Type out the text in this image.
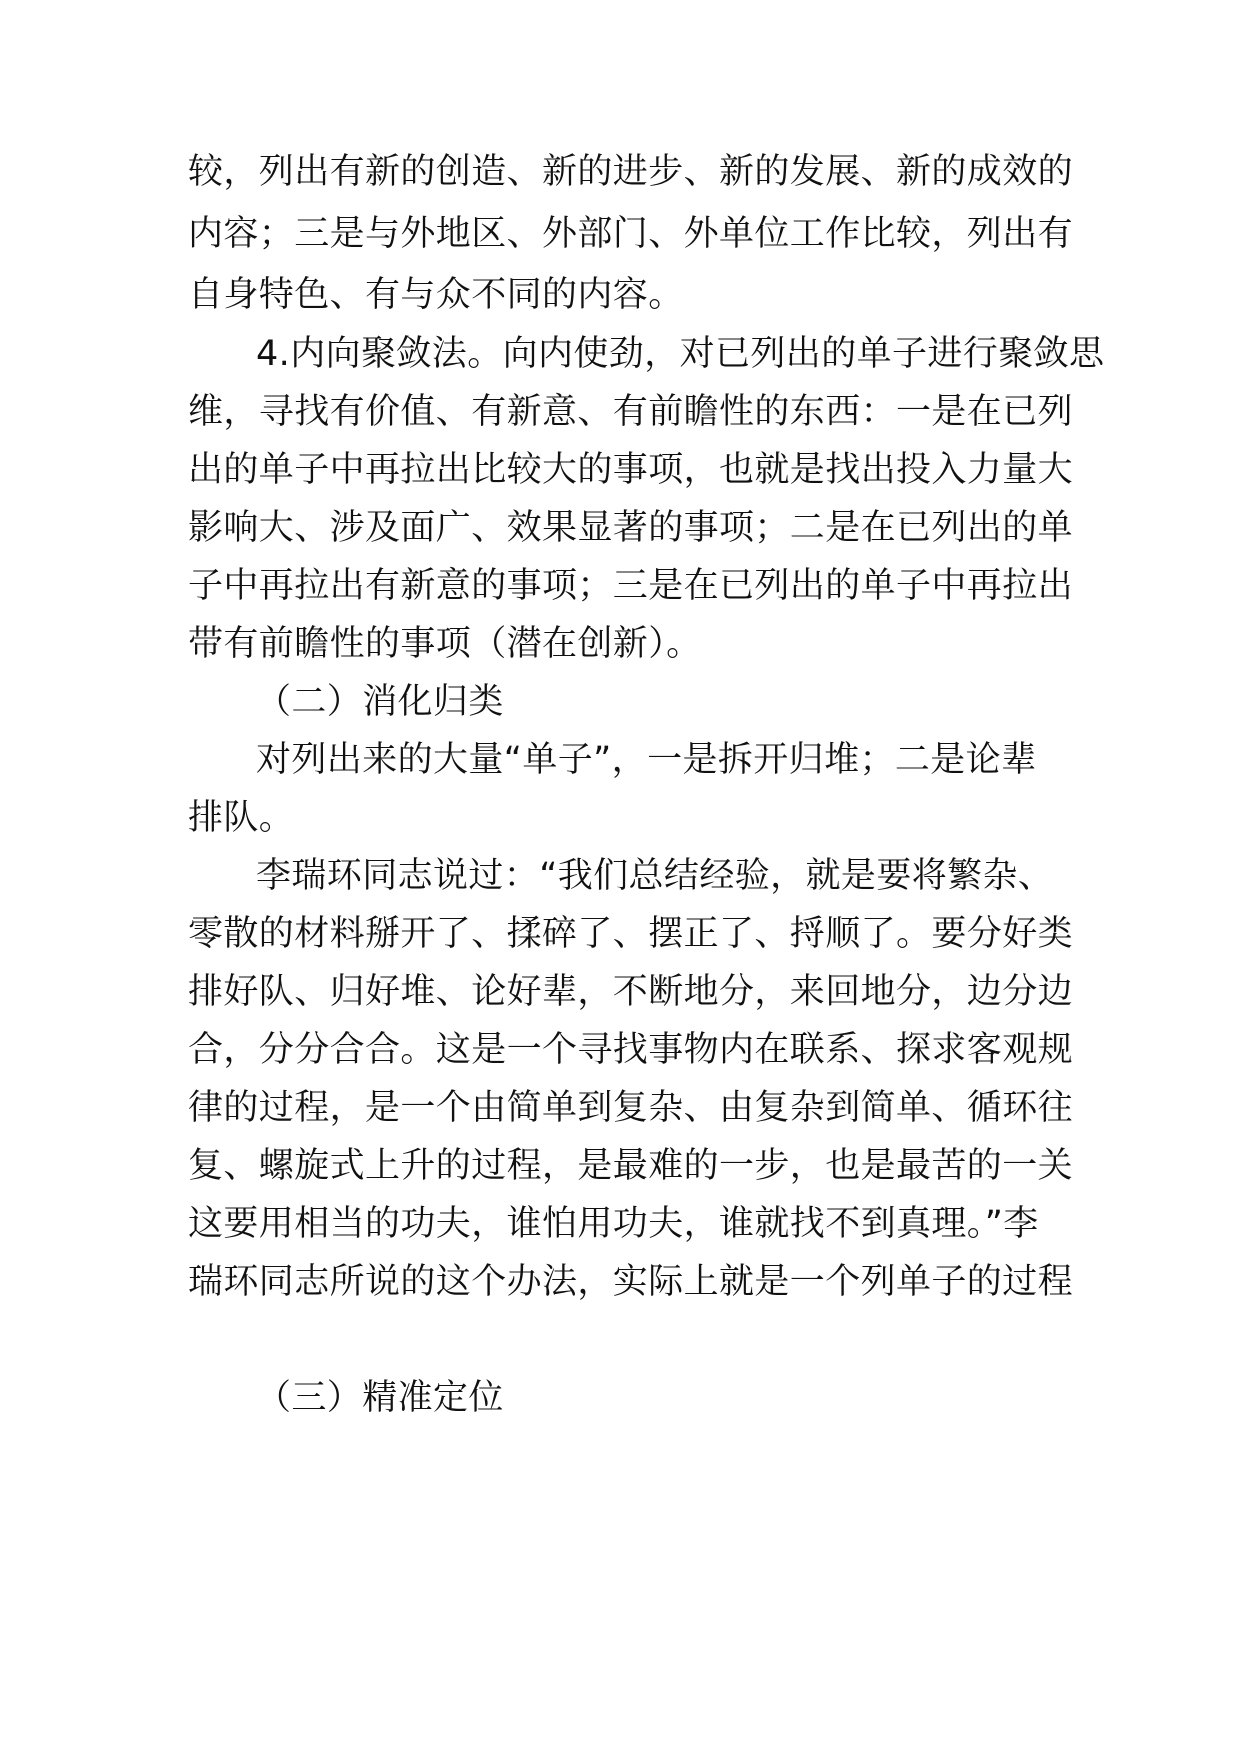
较，列出有新的创造、新的进步、新的发展、新的成效的
内容；三是与外地区、外部门、外单位工作比较，列出有
自身特色、有与众不同的内容。
4.内向聚敛法。向内使劲，对已列出的单子进行聚敛思
维，寻找有价值、有新意、有前瞻性的东西：一是在已列
出的单子中再拉出比较大的事项，也就是找出投入力量大
影响大、涉及面广、效果显著的事项；二是在已列出的单
子中再拉出有新意的事项；三是在已列出的单子中再拉出
带有前瞻性的事项（潜在创新）。
（二）消化归类
对列出来的大量“单子”，一是拆开归堆；二是论辈
排队。
李瑞环同志说过：“我们总结经验，就是要将繁杂、
零散的材料掰开了、揉碎了、摆正了、捋顺了。要分好类
排好队、归好堆、论好辈，不断地分，来回地分，边分边
合，分分合合。这是一个寻找事物内在联系、探求客观规
律的过程，是一个由简单到复杂、由复杂到简单、循环往
复、螺旋式上升的过程，是最难的一步，也是最苦的一关
这要用相当的功夫，谁怕用功夫，谁就找不到真理。”李
瑞环同志所说的这个办法，实际上就是一个列单子的过程
（三）精准定位
